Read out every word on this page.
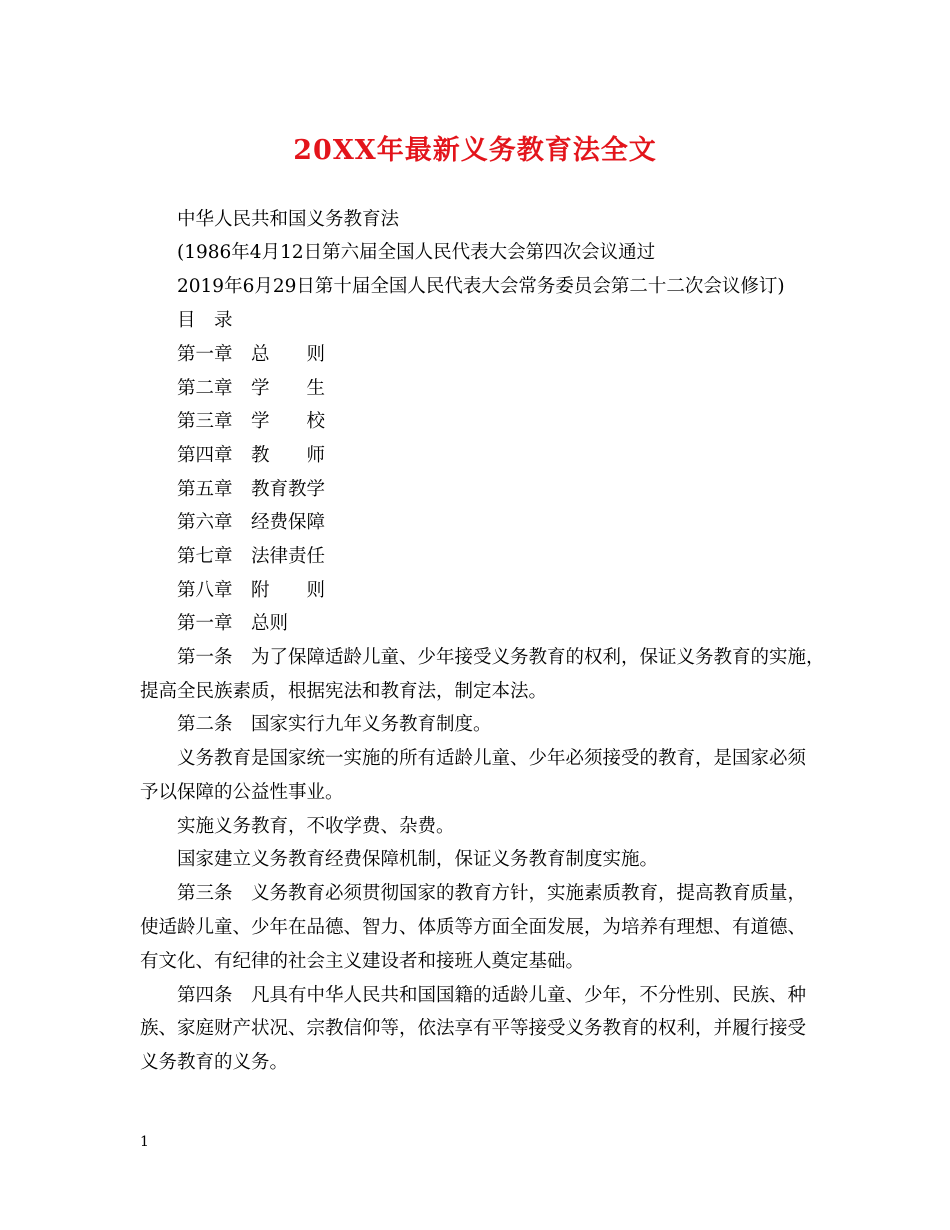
20XX年最新义务教育法全文
中华人民共和国义务教育法
(1986年4月12日第六届全国人民代表大会第四次会议通过
2019年6月29日第十届全国人民代表大会常务委员会第二十二次会议修订)
目　录
第一章　总　　则
第二章　学　　生
第三章　学　　校
第四章　教　　师
第五章　教育教学
第六章　经费保障
第七章　法律责任
第八章　附　　则
第一章　总则
第一条　为了保障适龄儿童、少年接受义务教育的权利，保证义务教育的实施，
提高全民族素质，根据宪法和教育法，制定本法。
第二条　国家实行九年义务教育制度。
义务教育是国家统一实施的所有适龄儿童、少年必须接受的教育，是国家必须
予以保障的公益性事业。
实施义务教育，不收学费、杂费。
国家建立义务教育经费保障机制，保证义务教育制度实施。
第三条　义务教育必须贯彻国家的教育方针，实施素质教育，提高教育质量，
使适龄儿童、少年在品德、智力、体质等方面全面发展，为培养有理想、有道德、
有文化、有纪律的社会主义建设者和接班人奠定基础。
第四条　凡具有中华人民共和国国籍的适龄儿童、少年，不分性别、民族、种
族、家庭财产状况、宗教信仰等，依法享有平等接受义务教育的权利，并履行接受
义务教育的义务。
1
